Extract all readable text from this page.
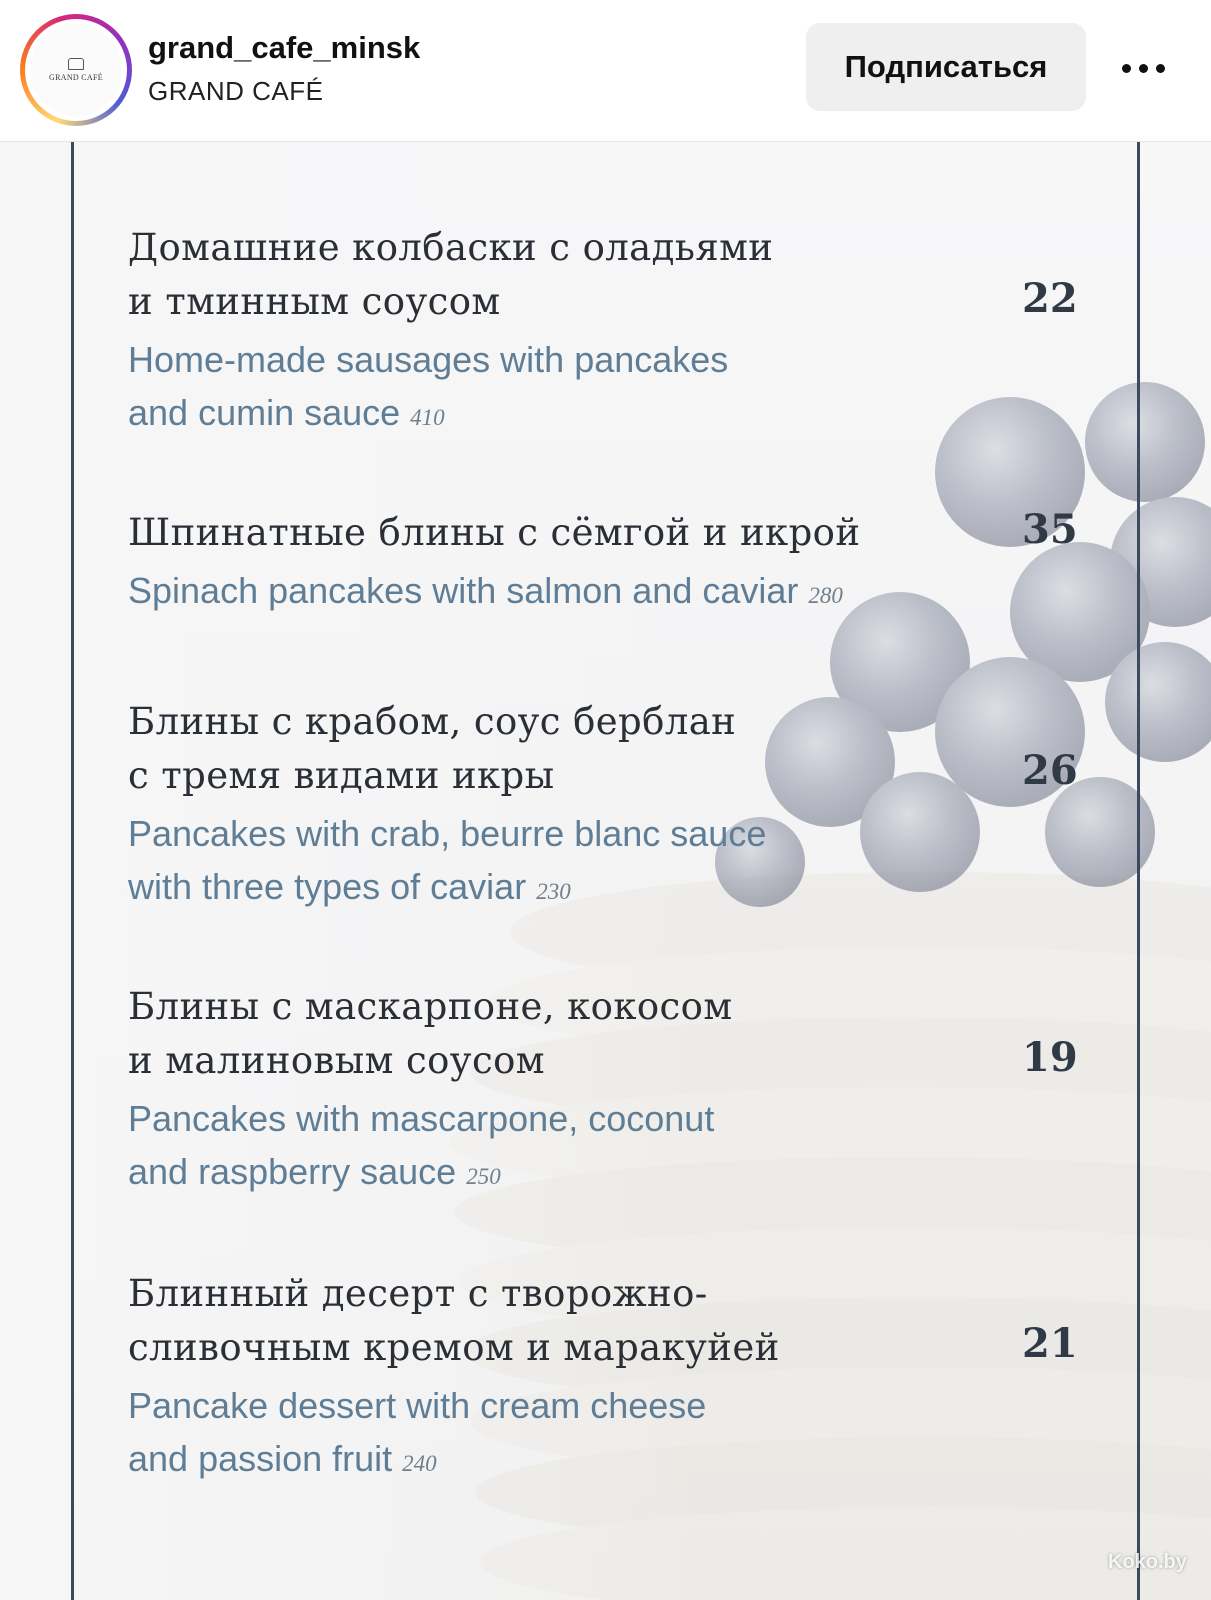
GRAND CAFÉ
grand_cafe_minsk
GRAND CAFÉ
Подписаться
Домашние колбаски с оладьями
и тминным соусом
Home-made sausages with pancakes
and cumin sauce 410
22
Шпинатные блины с сёмгой и икрой
Spinach pancakes with salmon and caviar 280
35
Блины с крабом, соус берблан
с тремя видами икры
Pancakes with crab, beurre blanc sauce
with three types of caviar 230
26
Блины с маскарпоне, кокосом
и малиновым соусом
Pancakes with mascarpone, coconut
and raspberry sauce 250
19
Блинный десерт с творожно-
сливочным кремом и маракуйей
Pancake dessert with cream cheese
and passion fruit 240
21
Koko.by
